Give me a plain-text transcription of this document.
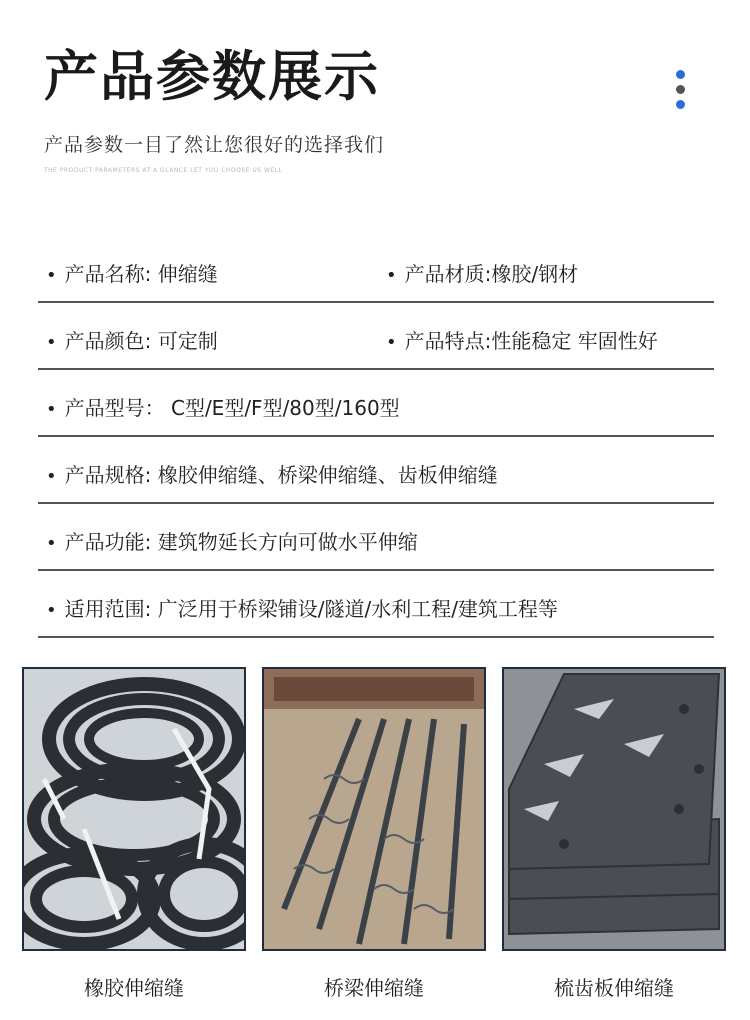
产品参数展示
产品参数一目了然让您很好的选择我们
THE PRODUCT PARAMETERS AT A GLANCE LET YOU CHOOSE US WELL
• 产品名称: 伸缩缝	• 产品材质:橡胶/钢材
• 产品颜色: 可定制	• 产品特点:性能稳定 牢固性好
• 产品型号： C型/E型/F型/80型/160型
• 产品规格: 橡胶伸缩缝、桥梁伸缩缝、齿板伸缩缝
• 产品功能: 建筑物延长方向可做水平伸缩
• 适用范围: 广泛用于桥梁铺设/隧道/水利工程/建筑工程等
橡胶伸缩缝	桥梁伸缩缝	梳齿板伸缩缝
